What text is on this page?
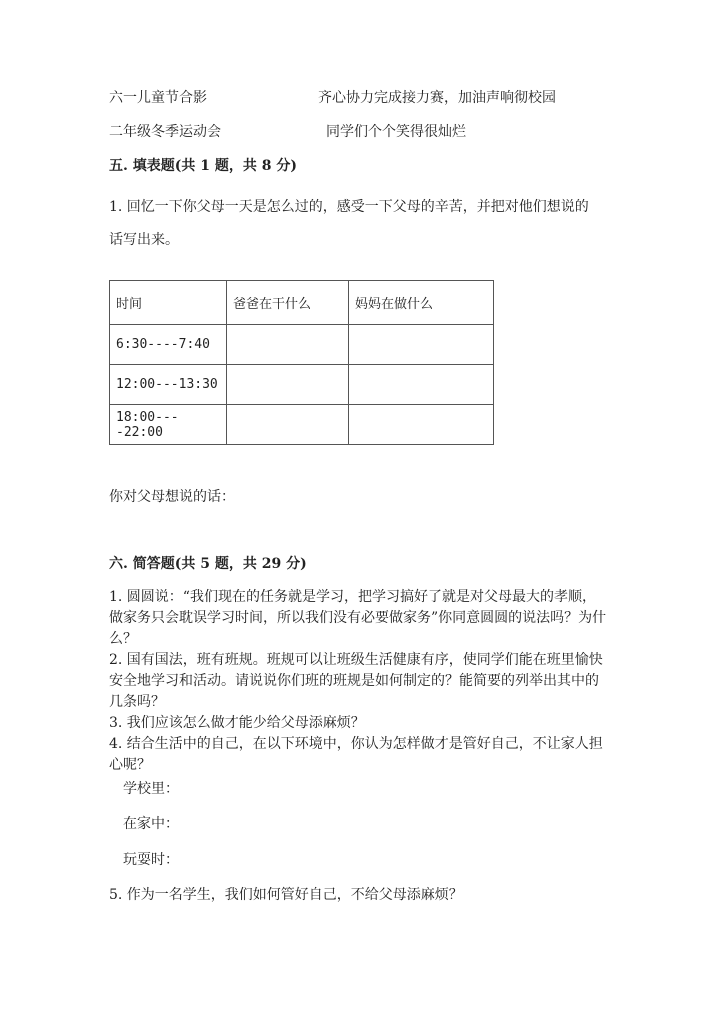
六一儿童节合影	齐心协力完成接力赛，加油声响彻校园
二年级冬季运动会	同学们个个笑得很灿烂
五. 填表题(共 1 题，共 8 分)
1. 回忆一下你父母一天是怎么过的，感受一下父母的辛苦，并把对他们想说的
话写出来。
时间	爸爸在干什么	妈妈在做什么
6:30----7:40		
12:00---13:30		
18:00----22:00		
你对父母想说的话：
六. 简答题(共 5 题，共 29 分)
1. 圆圆说：“我们现在的任务就是学习，把学习搞好了就是对父母最大的孝顺，做家务只会耽误学习时间，所以我们没有必要做家务”你同意圆圆的说法吗？为什么？
2. 国有国法，班有班规。班规可以让班级生活健康有序，使同学们能在班里愉快安全地学习和活动。请说说你们班的班规是如何制定的？能简要的列举出其中的几条吗？
3. 我们应该怎么做才能少给父母添麻烦？
4. 结合生活中的自己，在以下环境中，你认为怎样做才是管好自己，不让家人担心呢？
学校里：
在家中：
玩耍时：
5. 作为一名学生，我们如何管好自己，不给父母添麻烦？
